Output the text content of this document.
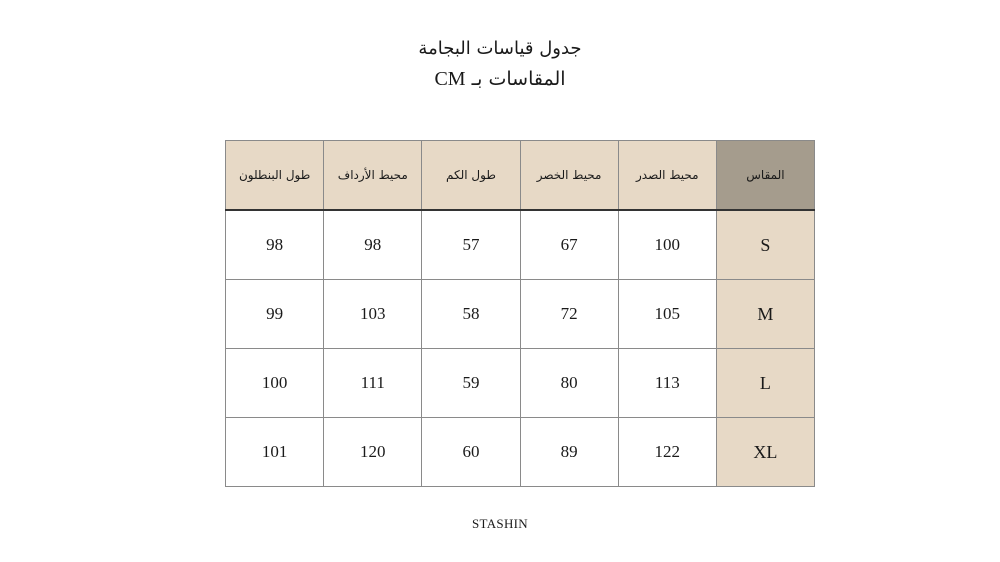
جدول قياسات البجامة
المقاسات بـ CM
المقاس	محيط الصدر	محيط الخصر	طول الكم	محيط الأرداف	طول البنطلون
S	100	67	57	98	98
M	105	72	58	103	99
L	113	80	59	111	100
XL	122	89	60	120	101
STASHIN
